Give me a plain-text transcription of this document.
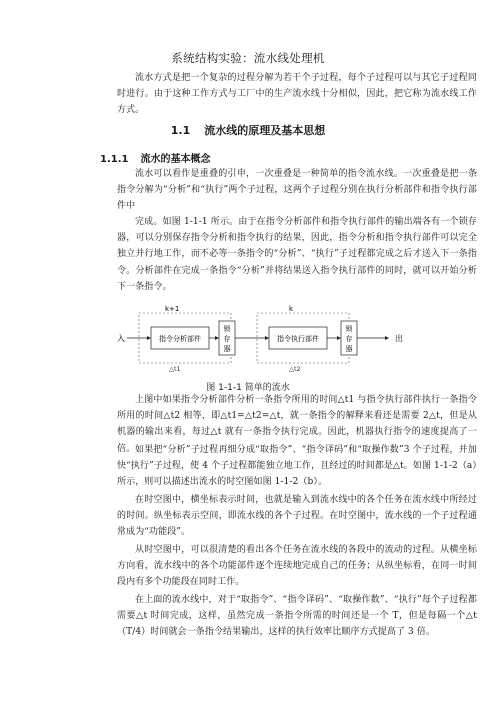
系统结构实验：流水线处理机

流水方式是把一个复杂的过程分解为若干个子过程，每个子过程可以与其它子过程同时进行。由于这种工作方式与工厂中的生产流水线十分相似，因此，把它称为流水线工作方式。

1.1 流水线的原理及基本思想
1.1.1 流水的基本概念

流水可以看作是重叠的引申，一次重叠是一种简单的指令流水线。一次重叠是把一条指令分解为“分析”和“执行”两个子过程，这两个子过程分别在执行分析部件和指令执行部件中

完成。如图 1-1-1 所示。由于在指令分析部件和指令执行部件的输出端各有一个锁存器，可以分别保存指令分析和指令执行的结果，因此，指令分析和指令执行部件可以完全独立并行地工作，而不必等一条指令的“分析”、“执行”子过程都完成之后才送入下一条指令。分析部件在完成一条指令“分析”并将结果送入指令执行部件的同时，就可以开始分析下一条指令。

k+1	k
入	指令分析部件
锁
存
器
指令执行部件
锁
存
器
出
△t1	△t2
图 1-1-1 简单的流水

上图中如果指令分析部件分析一条指令所用的时间△t1 与指令执行部件执行一条指令所用的时间△t2 相等，即△t1=△t2=△t，就一条指令的解释来看还是需要 2△t，但是从机器的输出来看，每过△t 就有一条指令执行完成。因此，机器执行指令的速度提高了一倍。 如果把“分析”子过程再细分成“取指令”、“指令译码”和“取操作数”3 个子过程，并加快“执行”子过程，使 4 个子过程都能独立地工作，且经过的时间都是△t。如图 1-1-2（a）所示，则可以描述出流水的时空图如图 1-1-2（b）。

在时空图中，横坐标表示时间，也就是输入到流水线中的各个任务在流水线中所经过的时间。纵坐标表示空间，即流水线的各个子过程。在时空图中，流水线的一个子过程通常成为“功能段”。

从时空图中，可以很清楚的看出各个任务在流水线的各段中的流动的过程。从横坐标方向看，流水线中的各个功能部件逐个连续地完成自己的任务；从纵坐标看，在同一时间段内有多个功能段在同时工作。

在上面的流水线中，对于“取指令”、“指令译码”、“取操作数”、“执行”每个子过程都需要△t 时间完成，这样，虽然完成一条指令所需的时间还是一个 T，但是每隔一个△t（T/4）时间就会一条指令结果输出，这样的执行效率比顺序方式提高了 3 倍。
